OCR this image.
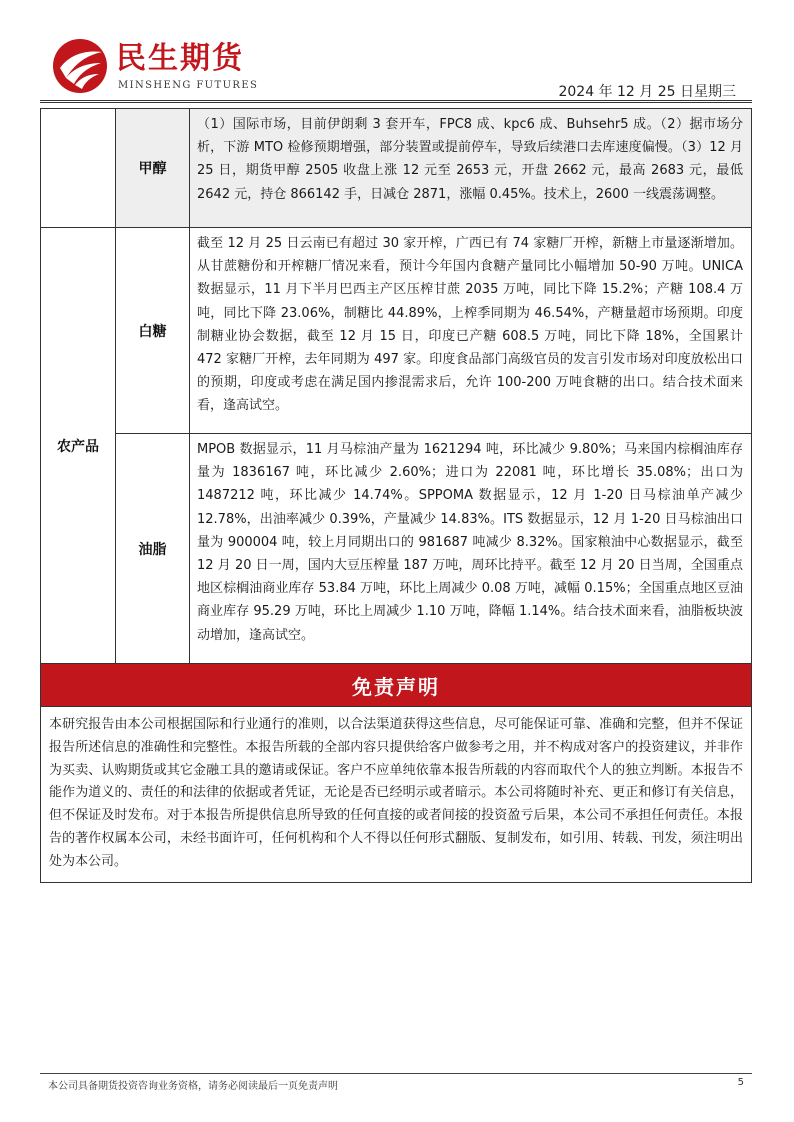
民生期货
MINSHENG FUTURES	2024 年 12 月 25 日星期三
甲醇
（1）国际市场，目前伊朗剩 3 套开车，FPC8 成、kpc6 成、Buhsehr5 成。（2）据市场分析，下游 MTO 检修预期增强，部分装置或提前停车，导致后续港口去库速度偏慢。（3）12 月 25 日，期货甲醇 2505 收盘上涨 12 元至 2653 元，开盘 2662 元，最高 2683 元，最低 2642 元，持仓 866142 手，日减仓 2871，涨幅 0.45%。技术上，2600 一线震荡调整。
农产品
白糖
截至 12 月 25 日云南已有超过 30 家开榨，广西已有 74 家糖厂开榨，新糖上市量逐渐增加。从甘蔗糖份和开榨糖厂情况来看，预计今年国内食糖产量同比小幅增加 50-90 万吨。UNICA 数据显示，11 月下半月巴西主产区压榨甘蔗 2035 万吨，同比下降 15.2%；产糖 108.4 万吨，同比下降 23.06%，制糖比 44.89%，上榨季同期为 46.54%，产糖量超市场预期。印度制糖业协会数据，截至 12 月 15 日，印度已产糖 608.5 万吨，同比下降 18%，全国累计 472 家糖厂开榨，去年同期为 497 家。印度食品部门高级官员的发言引发市场对印度放松出口的预期，印度或考虑在满足国内掺混需求后，允许 100-200 万吨食糖的出口。结合技术面来看，逢高试空。
油脂
MPOB 数据显示，11 月马棕油产量为 1621294 吨，环比减少 9.80%；马来国内棕榈油库存量为 1836167 吨，环比减少 2.60%；进口为 22081 吨，环比增长 35.08%；出口为 1487212 吨，环比减少 14.74%。SPPOMA 数据显示，12 月 1-20 日马棕油单产减少 12.78%，出油率减少 0.39%，产量减少 14.83%。ITS 数据显示，12 月 1-20 日马棕油出口量为 900004 吨，较上月同期出口的 981687 吨减少 8.32%。国家粮油中心数据显示，截至 12 月 20 日一周，国内大豆压榨量 187 万吨，周环比持平。截至 12 月 20 日当周，全国重点地区棕榈油商业库存 53.84 万吨，环比上周减少 0.08 万吨，减幅 0.15%；全国重点地区豆油商业库存 95.29 万吨，环比上周减少 1.10 万吨，降幅 1.14%。结合技术面来看，油脂板块波动增加，逢高试空。
免责声明
本研究报告由本公司根据国际和行业通行的准则，以合法渠道获得这些信息，尽可能保证可靠、准确和完整，但并不保证报告所述信息的准确性和完整性。本报告所载的全部内容只提供给客户做参考之用，并不构成对客户的投资建议，并非作为买卖、认购期货或其它金融工具的邀请或保证。客户不应单纯依靠本报告所载的内容而取代个人的独立判断。本报告不能作为道义的、责任的和法律的依据或者凭证，无论是否已经明示或者暗示。本公司将随时补充、更正和修订有关信息，但不保证及时发布。对于本报告所提供信息所导致的任何直接的或者间接的投资盈亏后果，本公司不承担任何责任。本报告的著作权属本公司，未经书面许可，任何机构和个人不得以任何形式翻版、复制发布，如引用、转载、刊发，须注明出处为本公司。
本公司具备期货投资咨询业务资格，请务必阅读最后一页免责声明	5
